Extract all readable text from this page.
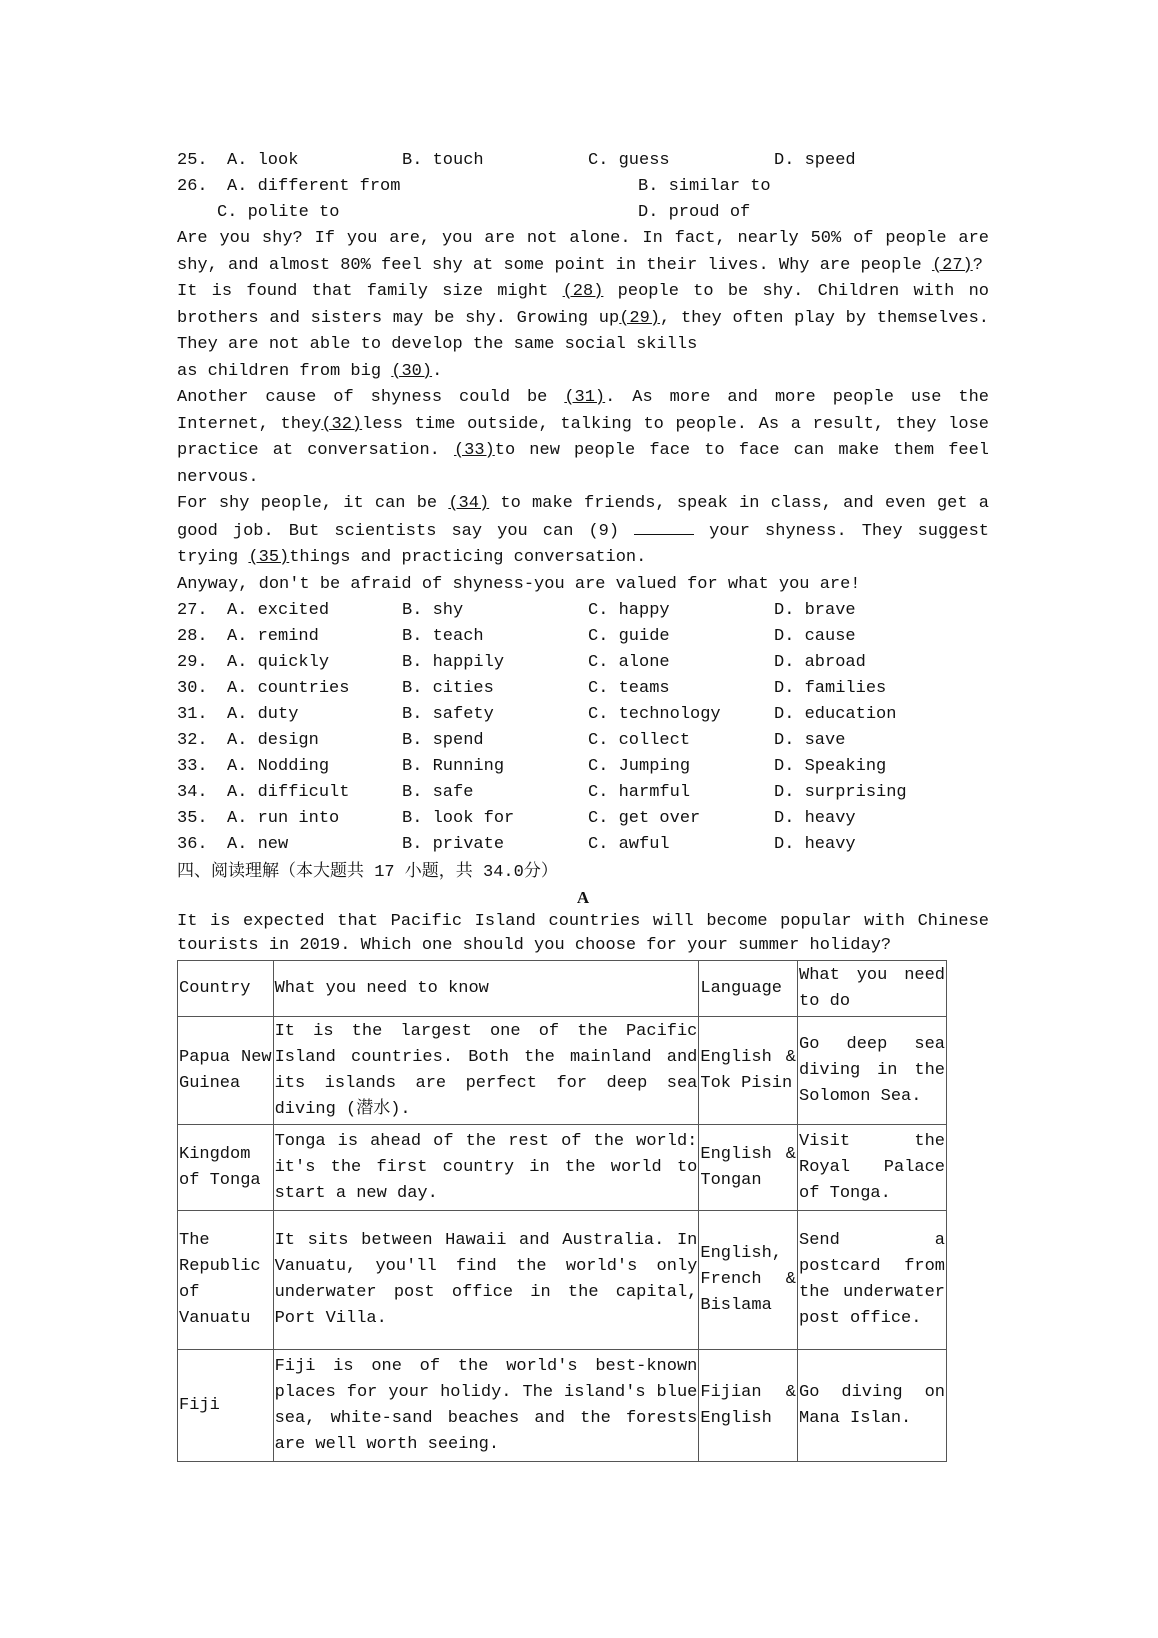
25.	A. look	B. touch	C. guess	D. speed
26.	A. different from	B. similar to
C. polite to	D. proud of

Are you shy? If you are, you are not alone. In fact, nearly 50% of people are shy, and almost 80% feel shy at some point in their lives. Why are people (27)?

It is found that family size might (28) people to be shy. Children with no brothers and sisters may be shy. Growing up(29), they often play by themselves. They are not able to develop the same social skills

as children from big (30).

Another cause of shyness could be (31). As more and more people use the Internet, they(32)less time outside, talking to people. As a result, they lose practice at conversation. (33)to new people face to face can make them feel nervous.

For shy people, it can be (34) to make friends, speak in class, and even get a good job. But scientists say you can (9)	your shyness. They suggest trying (35)things and practicing conversation.

Anyway, don't be afraid of shyness-you are valued for what you are!

27.	A. excited	B. shy	C. happy	D. brave
28.	A. remind	B. teach	C. guide	D. cause
29.	A. quickly	B. happily	C. alone	D. abroad
30.	A. countries	B. cities	C. teams	D. families
31.	A. duty	B. safety	C. technology	D. education
32.	A. design	B. spend	C. collect	D. save
33.	A. Nodding	B. Running	C. Jumping	D. Speaking
34.	A. difficult	B. safe	C. harmful	D. surprising
35.	A. run into	B. look for	C. get over	D. heavy
36.	A. new	B. private	C. awful	D. heavy
四、阅读理解（本大题共 17 小题，共 34.0分）
A
It is expected that Pacific Island countries will become popular with Chinese tourists in 2019. Which one should you choose for your summer holiday?
Country	What you need to know	Language	What you need to do
Papua New Guinea	It is the largest one of the Pacific Island countries. Both the mainland and its islands are perfect for deep sea diving (潜水).	English & Tok Pisin	Go deep sea diving in the Solomon Sea.
Kingdom of Tonga	Tonga is ahead of the rest of the world: it's the first country in the world to start a new day.	English & Tongan	Visit the Royal Palace of Tonga.
The Republic of Vanuatu	It sits between Hawaii and Australia. In Vanuatu, you'll find the world's only underwater post office in the capital, Port Villa.	English, French & Bislama	Send a postcard from the underwater post office.
Fiji	Fiji is one of the world's best-known places for your holidy. The island's blue sea, white-sand beaches and the forests are well worth seeing.	Fijian & English	Go diving on Mana Islan.
